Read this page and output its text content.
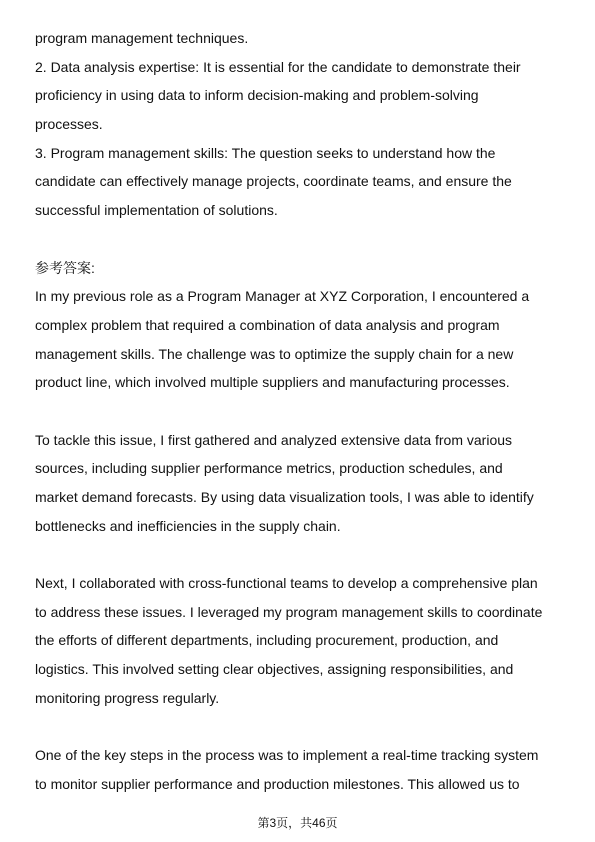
program management techniques.
2. Data analysis expertise: It is essential for the candidate to demonstrate their
proficiency in using data to inform decision-making and problem-solving
processes.
3. Program management skills: The question seeks to understand how the
candidate can effectively manage projects, coordinate teams, and ensure the
successful implementation of solutions.
参考答案:
In my previous role as a Program Manager at XYZ Corporation, I encountered a
complex problem that required a combination of data analysis and program
management skills. The challenge was to optimize the supply chain for a new
product line, which involved multiple suppliers and manufacturing processes.
To tackle this issue, I first gathered and analyzed extensive data from various
sources, including supplier performance metrics, production schedules, and
market demand forecasts. By using data visualization tools, I was able to identify
bottlenecks and inefficiencies in the supply chain.
Next, I collaborated with cross-functional teams to develop a comprehensive plan
to address these issues. I leveraged my program management skills to coordinate
the efforts of different departments, including procurement, production, and
logistics. This involved setting clear objectives, assigning responsibilities, and
monitoring progress regularly.
One of the key steps in the process was to implement a real-time tracking system
to monitor supplier performance and production milestones. This allowed us to
第3页，共46页
